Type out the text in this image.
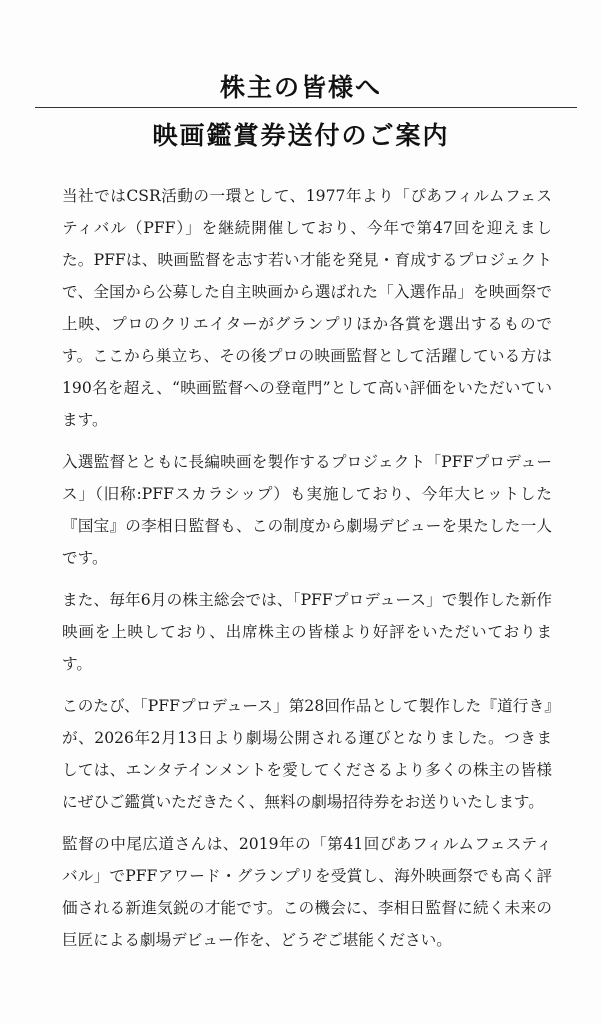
株主の皆様へ
映画鑑賞券送付のご案内

当社ではCSR活動の一環として、1977年より「ぴあフィルムフェスティバル（PFF）」を継続開催しており、今年で第47回を迎えました。PFFは、映画監督を志す若い才能を発見・育成するプロジェクトで、全国から公募した自主映画から選ばれた「入選作品」を映画祭で上映、プロのクリエイターがグランプリほか各賞を選出するものです。ここから巣立ち、その後プロの映画監督として活躍している方は190名を超え、“映画監督への登竜門”として高い評価をいただいています。

入選監督とともに長編映画を製作するプロジェクト「PFFプロデュース」（旧称:PFFスカラシップ）も実施しており、今年大ヒットした『国宝』の李相日監督も、この制度から劇場デビューを果たした一人です。

また、毎年6月の株主総会では、「PFFプロデュース」で製作した新作映画を上映しており、出席株主の皆様より好評をいただいております。

このたび、「PFFプロデュース」第28回作品として製作した『道行き』が、2026年2月13日より劇場公開される運びとなりました。つきましては、エンタテインメントを愛してくださるより多くの株主の皆様にぜひご鑑賞いただきたく、無料の劇場招待券をお送りいたします。

監督の中尾広道さんは、2019年の「第41回ぴあフィルムフェスティバル」でPFFアワード・グランプリを受賞し、海外映画祭でも高く評価される新進気鋭の才能です。この機会に、李相日監督に続く未来の巨匠による劇場デビュー作を、どうぞご堪能ください。
